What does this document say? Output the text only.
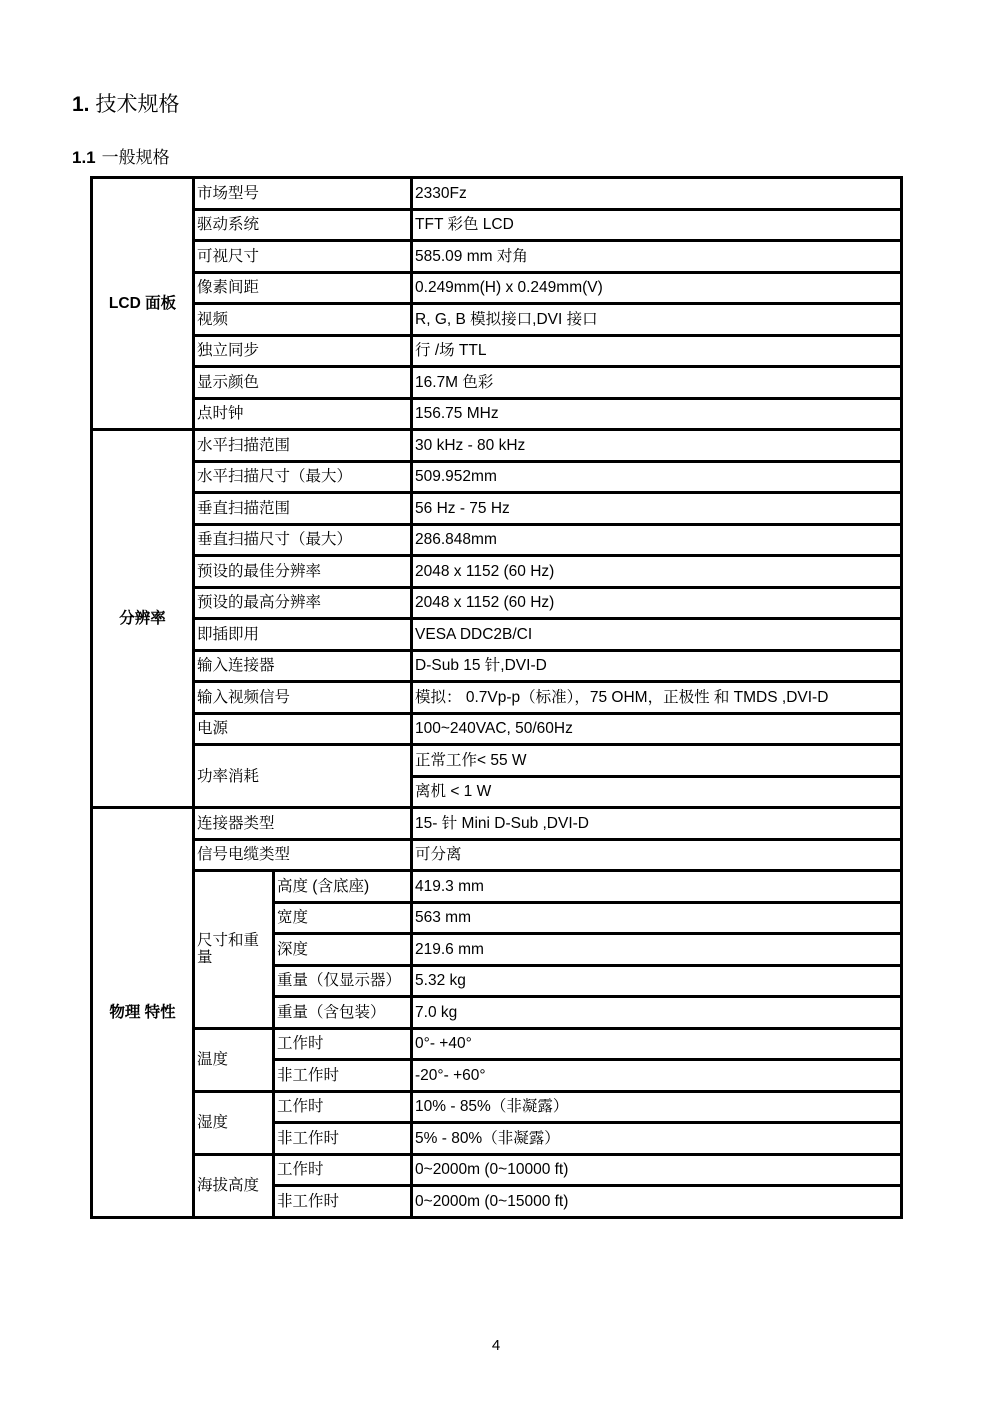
1. 技术规格
1.1 一般规格
LCD 面板	市场型号		2330Fz
	驱动系统		TFT 彩色 LCD
	可视尺寸		585.09 mm 对角
	像素间距		0.249mm(H) x 0.249mm(V)
	视频		R, G, B 模拟接口,DVI 接口
	独立同步		行 /场 TTL
	显示颜色		16.7M 色彩
	点时钟		156.75 MHz
分辨率	水平扫描范围		30 kHz - 80 kHz
	水平扫描尺寸（最大）		509.952mm
	垂直扫描范围		56 Hz - 75 Hz
	垂直扫描尺寸（最大）		286.848mm
	预设的最佳分辨率		2048 x 1152 (60 Hz)
	预设的最高分辨率		2048 x 1152 (60 Hz)
	即插即用		VESA DDC2B/CI
	输入连接器		D-Sub 15 针,DVI-D
	输入视频信号		模拟： 0.7Vp-p（标准），75 OHM，正极性 和 TMDS ,DVI-D
	电源		100~240VAC, 50/60Hz
	功率消耗		正常工作< 55 W
			离机 < 1 W
物理 特性	连接器类型		15- 针 Mini D-Sub ,DVI-D
	信号电缆类型		可分离
	尺寸和重量	高度 (含底座)	419.3 mm
		宽度	563 mm
		深度	219.6 mm
		重量（仅显示器）	5.32 kg
		重量（含包装）	7.0 kg
	温度	工作时	0°- +40°
		非工作时	-20°- +60°
	湿度	工作时	10% - 85%（非凝露）
		非工作时	5% - 80%（非凝露）
	海拔高度	工作时	0~2000m (0~10000 ft)
		非工作时	0~2000m (0~15000 ft)
4
